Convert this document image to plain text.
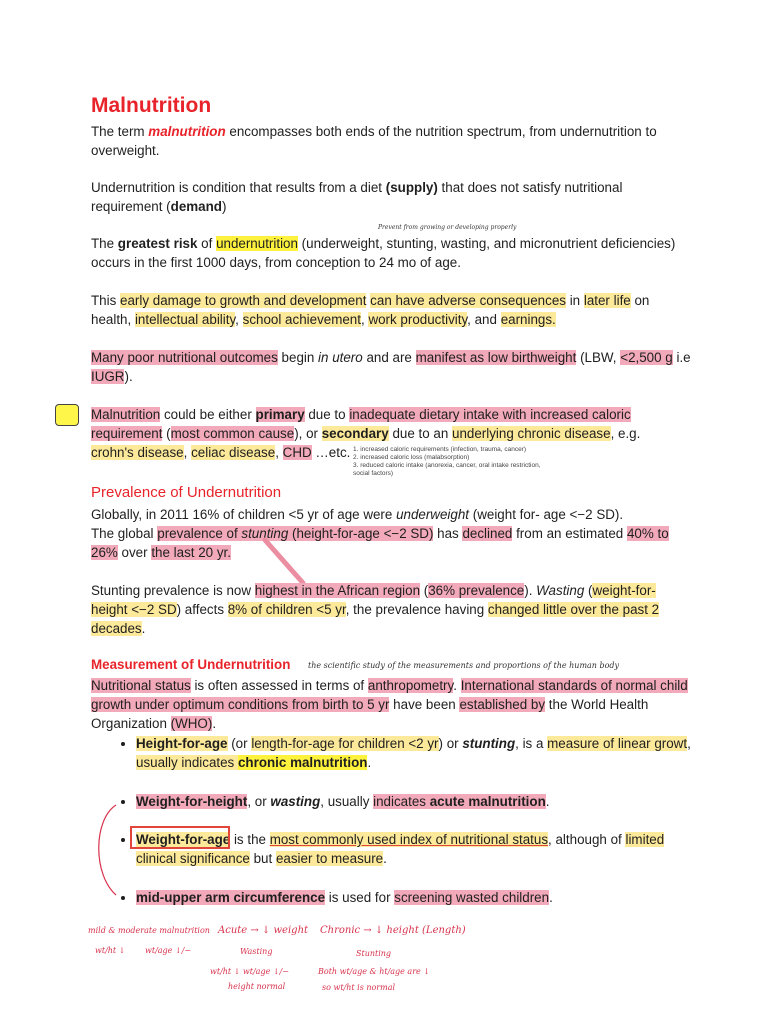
Malnutrition

The term malnutrition encompasses both ends of the nutrition spectrum, from undernutrition to overweight.

Undernutrition is condition that results from a diet (supply) that does not satisfy nutritional requirement (demand)

Prevent from growing or developing properly

The greatest risk of undernutrition (underweight, stunting, wasting, and micronutrient deficiencies) occurs in the first 1000 days, from conception to 24 mo of age.

This early damage to growth and development can have adverse consequences in later life on health, intellectual ability, school achievement, work productivity, and earnings.

Many poor nutritional outcomes begin in utero and are manifest as low birthweight (LBW, <2,500 g i.e IUGR).

Malnutrition could be either primary due to inadequate dietary intake with increased caloric requirement (most common cause), or secondary due to an underlying chronic disease, e.g.
crohn's disease, celiac disease, CHD …etc. 1. increased caloric requirements (infection, trauma, cancer)
2. increased caloric loss (malabsorption)
3. reduced caloric intake (anorexia, cancer, oral intake restriction, social factors)
Prevalence of Undernutrition

Globally, in 2011 16% of children <5 yr of age were underweight (weight for- age <−2 SD).

The global prevalence of stunting (height-for-age <−2 SD) has declined from an estimated 40% to 26% over the last 20 yr.

Stunting prevalence is now highest in the African region (36% prevalence). Wasting (weight-for-height <−2 SD) affects 8% of children <5 yr, the prevalence having changed little over the past 2 decades.

Measurement of Undernutrition the scientific study of the measurements and proportions of the human body

Nutritional status is often assessed in terms of anthropometry. International standards of normal child growth under optimum conditions from birth to 5 yr have been established by the World Health Organization (WHO).

• Height-for-age (or length-for-age for children <2 yr) or stunting, is a measure of linear growt, usually indicates chronic malnutrition.
• Weight-for-height, or wasting, usually indicates acute malnutrition.
• Weight-for-age is the most commonly used index of nutritional status, although of limited clinical significance but easier to measure.
• mid-upper arm circumference is used for screening wasted children.
mild & moderate malnutrition
wt/ht ↓ wt/age ↓/−
Acute → ↓ weight
Wasting
wt/ht ↓ wt/age ↓/−
height normal
Chronic → ↓ height (Length)
Stunting
Both wt/age & ht/age are ↓
so wt/ht is normal
